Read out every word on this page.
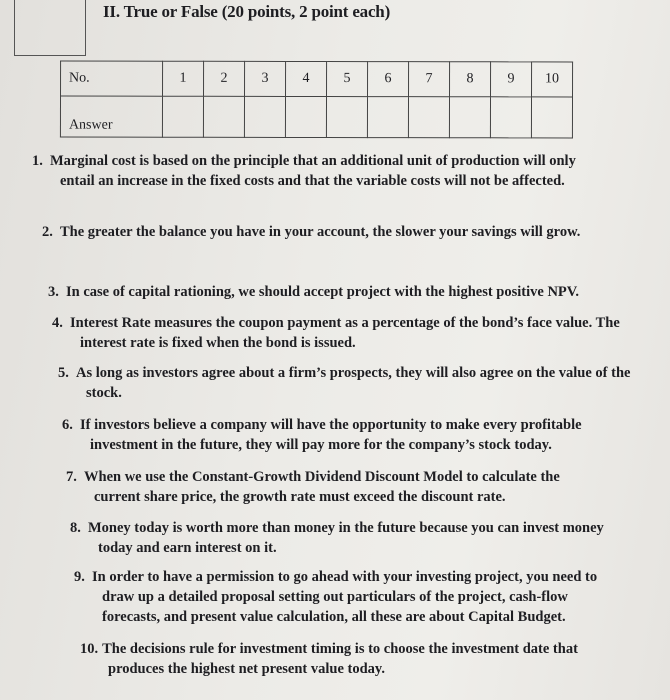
II. True or False (20 points, 2 point each)
No.	1	2	3	4	5	6	7	8	9	10
Answer										
1. Marginal cost is based on the principle that an additional unit of production will only entail an increase in the fixed costs and that the variable costs will not be affected.
2. The greater the balance you have in your account, the slower your savings will grow.
3. In case of capital rationing, we should accept project with the highest positive NPV.
4. Interest Rate measures the coupon payment as a percentage of the bond’s face value. The interest rate is fixed when the bond is issued.
5. As long as investors agree about a firm’s prospects, they will also agree on the value of the stock.
6. If investors believe a company will have the opportunity to make every profitable investment in the future, they will pay more for the company’s stock today.
7. When we use the Constant-Growth Dividend Discount Model to calculate the current share price, the growth rate must exceed the discount rate.
8. Money today is worth more than money in the future because you can invest money today and earn interest on it.
9. In order to have a permission to go ahead with your investing project, you need to draw up a detailed proposal setting out particulars of the project, cash-flow forecasts, and present value calculation, all these are about Capital Budget.
10. The decisions rule for investment timing is to choose the investment date that produces the highest net present value today.
